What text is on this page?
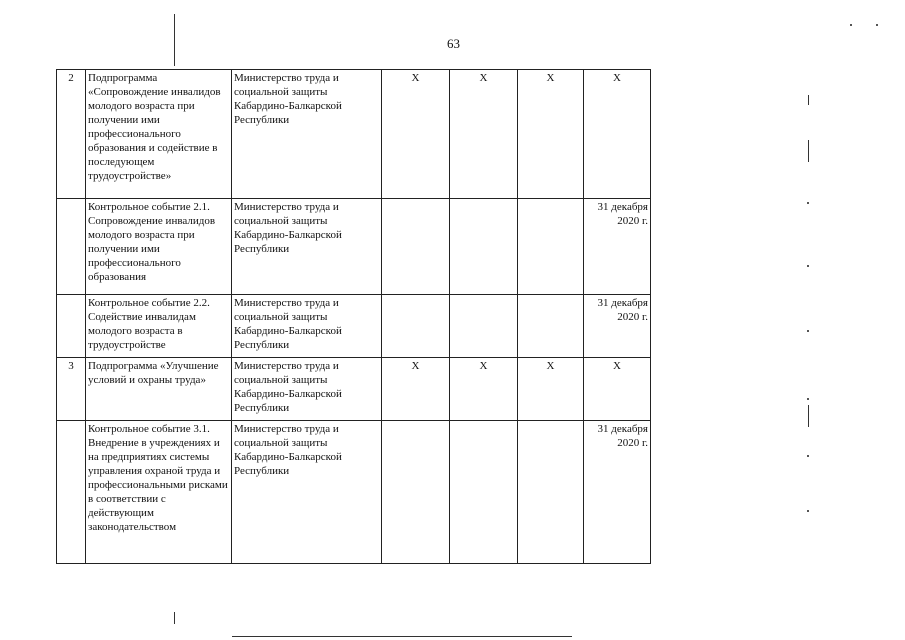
63
2	Подпрограмма «Сопровождение инвалидов молодого возраста при получении ими профессионального образования и содействие в последующем трудоустройстве»	Министерство труда и социальной защиты Кабардино-Балкарской Республики	Х	Х	Х	Х
	Контрольное событие 2.1. Сопровождение инвалидов молодого возраста при получении ими профессионального образования	Министерство труда и социальной защиты Кабардино-Балкарской Республики				31 декабря 2020 г.
	Контрольное событие 2.2. Содействие инвалидам молодого возраста в трудоустройстве	Министерство труда и социальной защиты Кабардино-Балкарской Республики				31 декабря 2020 г.
3	Подпрограмма «Улучшение условий и охраны труда»	Министерство труда и социальной защиты Кабардино-Балкарской Республики	Х	Х	Х	Х
	Контрольное событие 3.1. Внедрение в учреждениях и на предприятиях системы управления охраной труда и профессиональными рисками в соответствии с действующим законодательством	Министерство труда и социальной защиты Кабардино-Балкарской Республики				31 декабря 2020 г.
